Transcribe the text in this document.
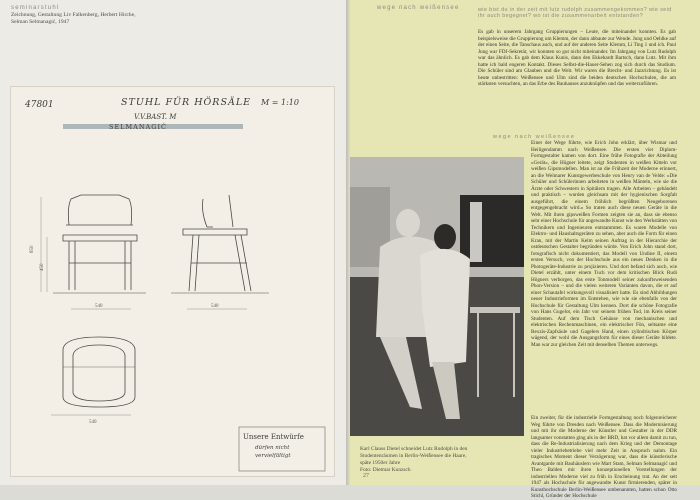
seminarstuhl
Zeichnung, Gestaltung Liv Falkenberg, Herbert Hirche,
Selman Selmanagić, 1947
47801	STUHL FÜR HÖRSÄLE M = 1:10
V.V.BAST. M
SELMANAGIĆ
850
450
540	540
540
Unsere Entwürfe
dürfen nicht
vervielfältigt
wege nach weißensee	wie bist du in der zeit mit lutz rudolph zusammengekommen? wie seid ihr auch begegnet? wo ist die zusammenarbeit entstanden?
Es gab in unserem Jahrgang Gruppierungen – Leute, die miteinander konnten. Es gab beispielsweise die Gruppierung um Klemm, der dann abbaute zur Wende. Jung und Oehlke auf der einen Seite, die Tanschaus auch, und auf der anderen Seite Klemm, Li Ting 1 und ich. Paul Jung war FDJ-Sekretär, wir konnten so gut nicht miteinander. Im Jahrgang von Lutz Rudolph war das ähnlich. Es gab dem Klaus Kunis, dann den Ekkehardt Bartsch, dann Lutz. Mit ihm hatte ich bald engeren Kontakt. Dieses Selbst-die-Hauer-Sehen zog sich durch das Studium. Die Schüler sind am Glauben und die Welt. Wir waren die Brecht- und Jazzrichtung. Es ist heute unbestritten: Weißensee und Ulm sind die beiden deutschen Hochschulen, die am stärksten versuchten, an das Erbe des Bauhauses anzuknüpfen und das weiterzuführen.
wege nach weißensee
Einer der Wege führte, wie Erich John erklärt, über Wismar und Heiligendamm nach Weißensee. Die ersten vier Diplom-Formgestalter kamen von dort. Eine frühe Fotografie der Abteilung »Gerät«, die Hügner leitete, zeigt Studenten in weißen Kitteln vor weißen Gipsmodellen. Man ist an die Frühzeit der Moderne erinnert, an die Weimarer Kunstgewerbeschule von Henry van de Velde: »Die Schüler und Schülerinnen arbeiteten in weißen Mänteln, wie sie die Ärzte oder Schwestern in Spitälern tragen. Alle Arbeiten – gebändelt und praktisch – wurden gleichsam mit der hygienischen Sorgfalt ausgeführt, die einem fröhlich begrüßten Neugeborenen entgegengebracht wird.« So traten auch diese neuen Geräte in die Welt. Mit ihren gipsweißen Formen zeigten sie an, dass sie ebenso sehr einer Hochschule für angewandte Kunst wie den Werkstätten von Technikern und Ingenieuren entstammten. Es waren Modelle von Elektro- und Haushaltsgeräten zu sehen, aber auch die Form für einen Kran, mit der Martin Kelm seinen Auftrag in der Hierarchie der ostdeutschen Gestalter begründen würde. Von Erich John stand dort, fotografisch nicht dokumentiert, das Modell von Undine II, einem ersten Versuch, von der Hochschule aus ein neues Denken in die Photogeräte-Industrie zu projizieren. Und dort befand sich auch, wie Dietel erzählt, unter einem Tuch vor dem kritischen Blick Rudi Högners verborgen, das erste Tonmodell seiner zukunftsweisenden Phon-Version – und die vielen weiteren Varianten davon, die er auf einer Schautafel wirkungsvoll visualisiert hatte. Es sind Abbildungen neuer Industrieformen im Entstehen, wie wie sie ebenfalls von der Hochschule für Gestaltung Ulm kennen. Dort die schöne Fotografie von Hans Gugelot, ein Jahr vor seinem frühen Tod, im Kreis seiner Studenten. Auf dem Tisch Gehäuse von mechanischen und elektrischen Rechenmaschinen, ein elektrischer Fön, seltsame eine Bexzis-Zapfsäule und Gagelers Hand, einen zylindrischen Körper wägend, der wohl die Ausgangsform für eines dieser Geräte bildete. Man war zur gleichen Zeit mit denselben Themen unterwegs.
Ein zweiter, für die industrielle Formgestaltung noch folgenreicherer Weg führte von Dresden nach Weißensee. Dass die Modernisierung und mit ihr die Moderne der Künstler und Gestalter in der DDR langsamer vonstatten ging als in der BRD, hat vor allem damit zu tun, dass die Re-Industrialisierung nach dem Krieg und der Demontage vieler Industriebetriebe viel mehr Zeit in Anspruch nahm. Ein tragisches Moment dieser Verzögerung war, dass die künstlerische Avantgarde mit Bauhäuslern wie Mart Stam, Selman Selmanagić und Theo Balden mit ihren konzeptionellen Vorstellungen der industriellen Moderne viel zu früh in Erscheinung trat. An der seit 1947 als Hochschule für angewandte Kunst firmierenden, später in Kunsthochschule Berlin-Weißensee umbenannten, hatten schon Otto Stichl, Gründer der Hochschule
Karl Clauss Dietel schneidet Lutz Rudolph in den
Studentenräumen in Berlin-Weißensee die Haare,
späte 1950er Jahre
Foto: Dietmar Kunzsch
27
